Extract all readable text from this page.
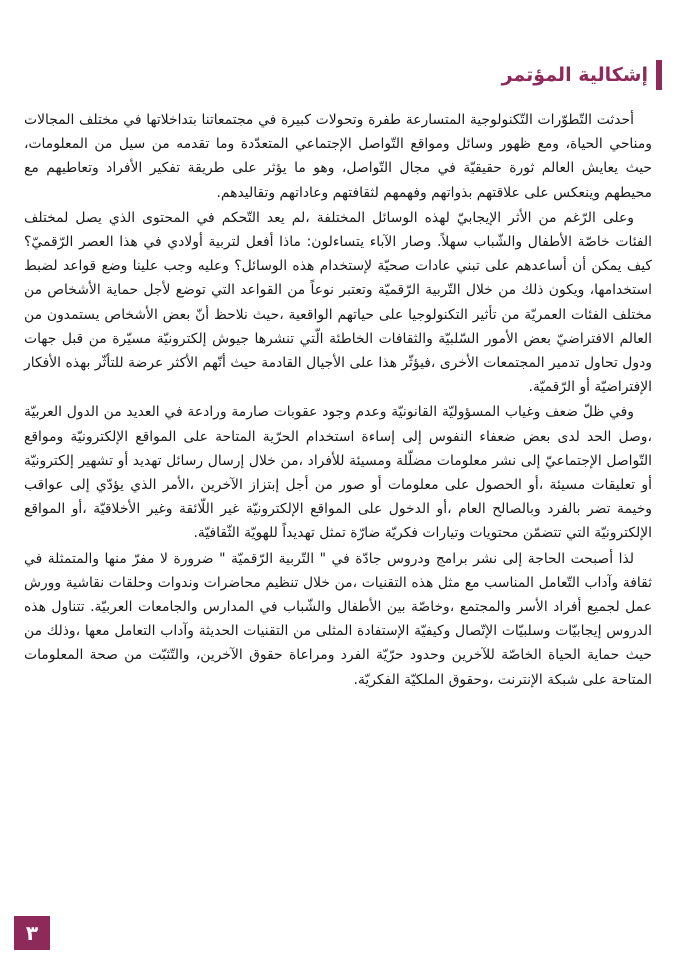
إشكالية المؤتمر

أحدثت التّطوّرات التّكنولوجية المتسارعة طفرة وتحولات كبيرة في مجتمعاتنا بتداخلاتها في مختلف المجالات ومناحي الحياة، ومع ظهور وسائل ومواقع التّواصل الإجتماعي المتعدّدة وما تقدمه من سيل من المعلومات، حيث يعايش العالم ثورة حقيقيّة في مجال التّواصل، وهو ما يؤثر على طريقة تفكير الأفراد وتعاطيهم مع محيطهم وينعكس على علاقتهم بذواتهم وفهمهم لثقافتهم وعاداتهم وتقاليدهم.

وعلى الرّغم من الأثر الإيجابيّ لهذه الوسائل المختلفة ،لم يعد التّحكم في المحتوى الذي يصل لمختلف الفئات خاصّة الأطفال والشّباب سهلاً. وصار الآباء يتساءلون: ماذا أفعل لتربية أولادي في هذا العصر الرّقميّ؟ كيف يمكن أن أساعدهم على تبني عادات صحيّة لإستخدام هذه الوسائل؟ وعليه وجب علينا وضع قواعد لضبط استخدامها، ويكون ذلك من خلال التّربية الرّقميّة وتعتبر نوعاً من القواعد التي توضع لأجل حماية الأشخاص من مختلف الفئات العمريّة من تأثير التكنولوجيا على حياتهم الواقعية ،حيث نلاحظ أنّ بعض الأشخاص يستمدون من العالم الافتراضيّ بعض الأمور السّلبيّة والثقافات الخاطئة الّتي تنشرها جيوش إلكترونيّة مسيّرة من قبل جهات ودول تحاول تدمير المجتمعات الأخرى ،فيؤثّر هذا على الأجيال القادمة حيث أنّهم الأكثر عرضة للتأثّر بهذه الأفكار الإفتراضيّة أو الرّقميّة.

وفي ظلّ ضعف وغياب المسؤوليّة القانونيّة وعدم وجود عقوبات صارمة ورادعة في العديد من الدول العربيّة ،وصل الحد لدى بعض ضعفاء النفوس إلى إساءة استخدام الحرّية المتاحة على المواقع الإلكترونيّة ومواقع التّواصل الإجتماعيّ إلى نشر معلومات مضلّلة ومسيئة للأفراد ،من خلال إرسال رسائل تهديد أو تشهير إلكترونيّة أو تعليقات مسيئة ،أو الحصول على معلومات أو صور من أجل إبتزاز الآخرين ،الأمر الذي يؤدّي إلى عواقب وخيمة تضر بالفرد وبالصالح العام ،أو الدخول على المواقع الإلكترونيّة غير اللّائقة وغير الأخلاقيّة ،أو المواقع الإلكترونيّة التي تتضمّن محتويات وتيارات فكريّة ضارّة تمثل تهديداً للهويّة الثّقافيّة.

لذا أصبحت الحاجة إلى نشر برامج ودروس جادّة في " التّربية الرّقميّة " ضرورة لا مفرّ منها والمتمثلة في ثقافة وآداب التّعامل المناسب مع مثل هذه التقنيات ،من خلال تنظيم محاضرات وندوات وحلقات نقاشية وورش عمل لجميع أفراد الأسر والمجتمع ،وخاصّة بين الأطفال والشّباب في المدارس والجامعات العربيّة. تتناول هذه الدروس إيجابيّات وسلبيّات الإتّصال وكيفيّة الإستفادة المثلى من التقنيات الحديثة وآداب التعامل معها ،وذلك من حيث حماية الحياة الخاصّة للآخرين وحدود حرّيّة الفرد ومراعاة حقوق الآخرين، والتّثبّت من صحة المعلومات المتاحة على شبكة الإنترنت ،وحقوق الملكيّة الفكريّة.

٣
